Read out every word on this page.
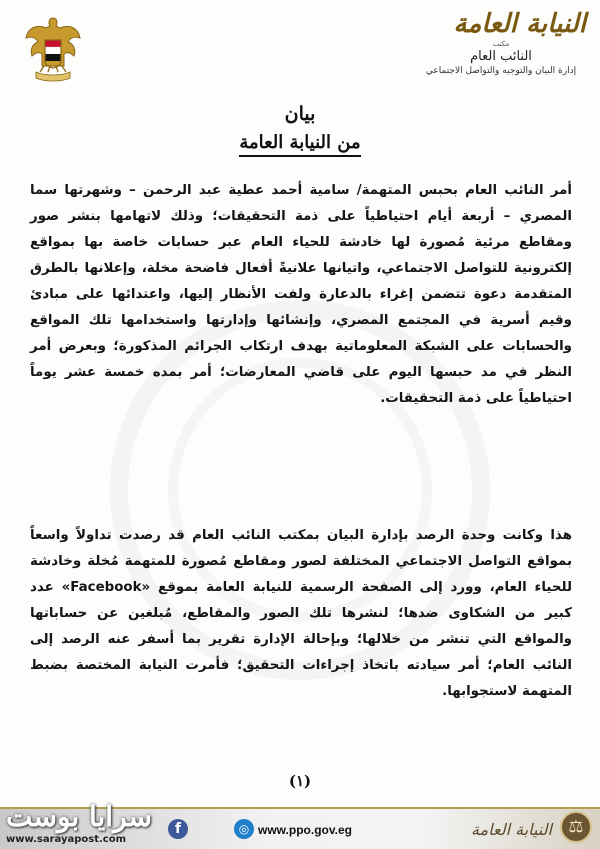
النيابة العامة
مكتب
النائب العام
إدارة البيان والتوجيه والتواصل الاجتماعي
بيان
من النيابة العامة
أمر النائب العام بحبس المتهمة/ سامية أحمد عطية عبد الرحمن – وشهرتها سما المصري – أربعة أيام احتياطياً على ذمة التحقيقات؛ وذلك لاتهامها بنشر صور ومقاطع مرئية مُصورة لها خادشة للحياء العام عبر حسابات خاصة بها بمواقع إلكترونية للتواصل الاجتماعي، واتيانها علانيةً أفعال فاضحة مخلة، وإعلانها بالطرق المتقدمة دعوة تتضمن إغراء بالدعارة ولفت الأنظار إليها، واعتدائها على مبادئ وقيم أسرية في المجتمع المصري، وإنشائها وإدارتها واستخدامها تلك المواقع والحسابات على الشبكة المعلوماتية بهدف ارتكاب الجرائم المذكورة؛ وبعرض أمر النظر في مد حبسها اليوم على قاضي المعارضات؛ أمر بمده خمسة عشر يوماً احتياطياً على ذمة التحقيقات.
هذا وكانت وحدة الرصد بإدارة البيان بمكتب النائب العام قد رصدت تداولاً واسعاً بمواقع التواصل الاجتماعي المختلفة لصور ومقاطع مُصورة للمتهمة مُخلة وخادشة للحياء العام، وورد إلى الصفحة الرسمية للنيابة العامة بموقع «Facebook» عدد كبير من الشكاوى ضدها؛ لنشرها تلك الصور والمقاطع، مُبلغين عن حساباتها والمواقع التي تنشر من خلالها؛ وبإحالة الإدارة تقرير بما أسفر عنه الرصد إلى النائب العام؛ أمر سيادته باتخاذ إجراءات التحقيق؛ فأمرت النيابة المختصة بضبط المتهمة لاستجوابها.
(١)
سرايا بوست
www.sarayapost.com
f	◎ www.ppo.gov.eg	النيابة العامة
⚖
